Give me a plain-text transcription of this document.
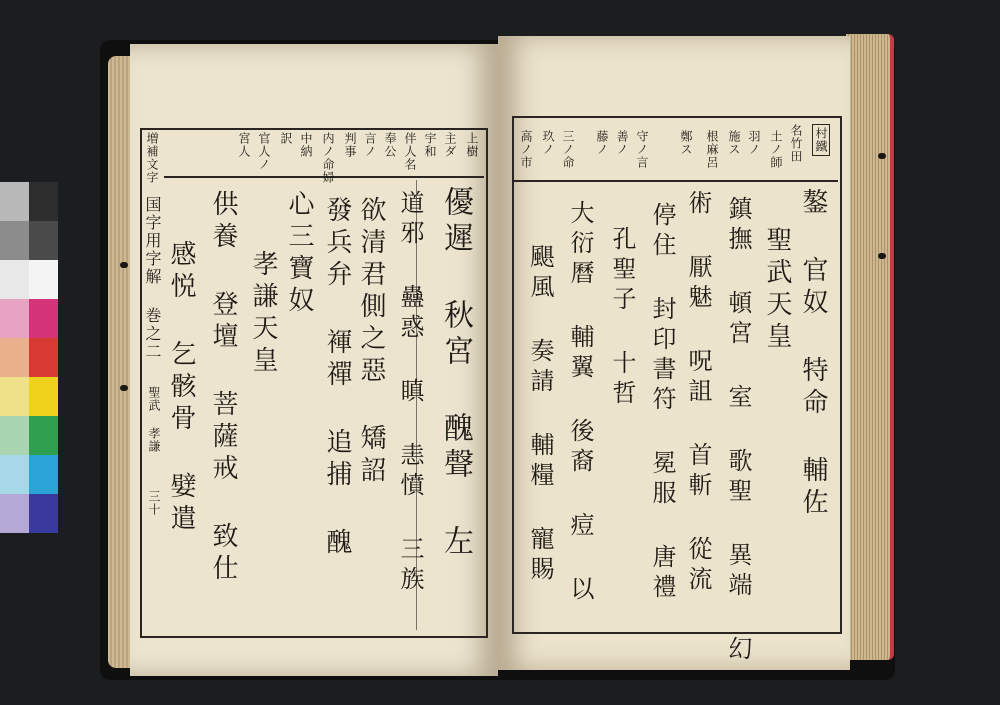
上樹
主ダ
宇和
伴人名
奉公
言ノ
判事
内ノ命婦
中納
訳
官人ノ
宮人
増補文字
国字用字解 巻之二
聖武 孝謙
三十	優遲 秋宮 醜聲 左
道邪 蠱惑 瞋 恚憤 三族
欲清君側之惡 矯詔
發兵弁 褌禪 追捕 醜
心三寶奴
孝謙天皇
供養 登壇 菩薩戒 致仕
感悦 乞骸骨 嬖遣
村鐵
名竹田
土ノ師
羽ノ
施ス
根麻呂
鄭ス
守ノ言
善ノ
藤ノ
三ノ命
玖ノ
高ノ市
鏊 官奴 特命 輔佐
聖武天皇
鎮撫 頓宮 室 歌聖 異端 幻
術 厭魅 呪詛 首斬 從流
停住 封印書符 冕服 唐禮
孔聖子 十哲
大衍曆 輔翼 後裔 痘 以
颶風 奏請 輔糧 寵賜
